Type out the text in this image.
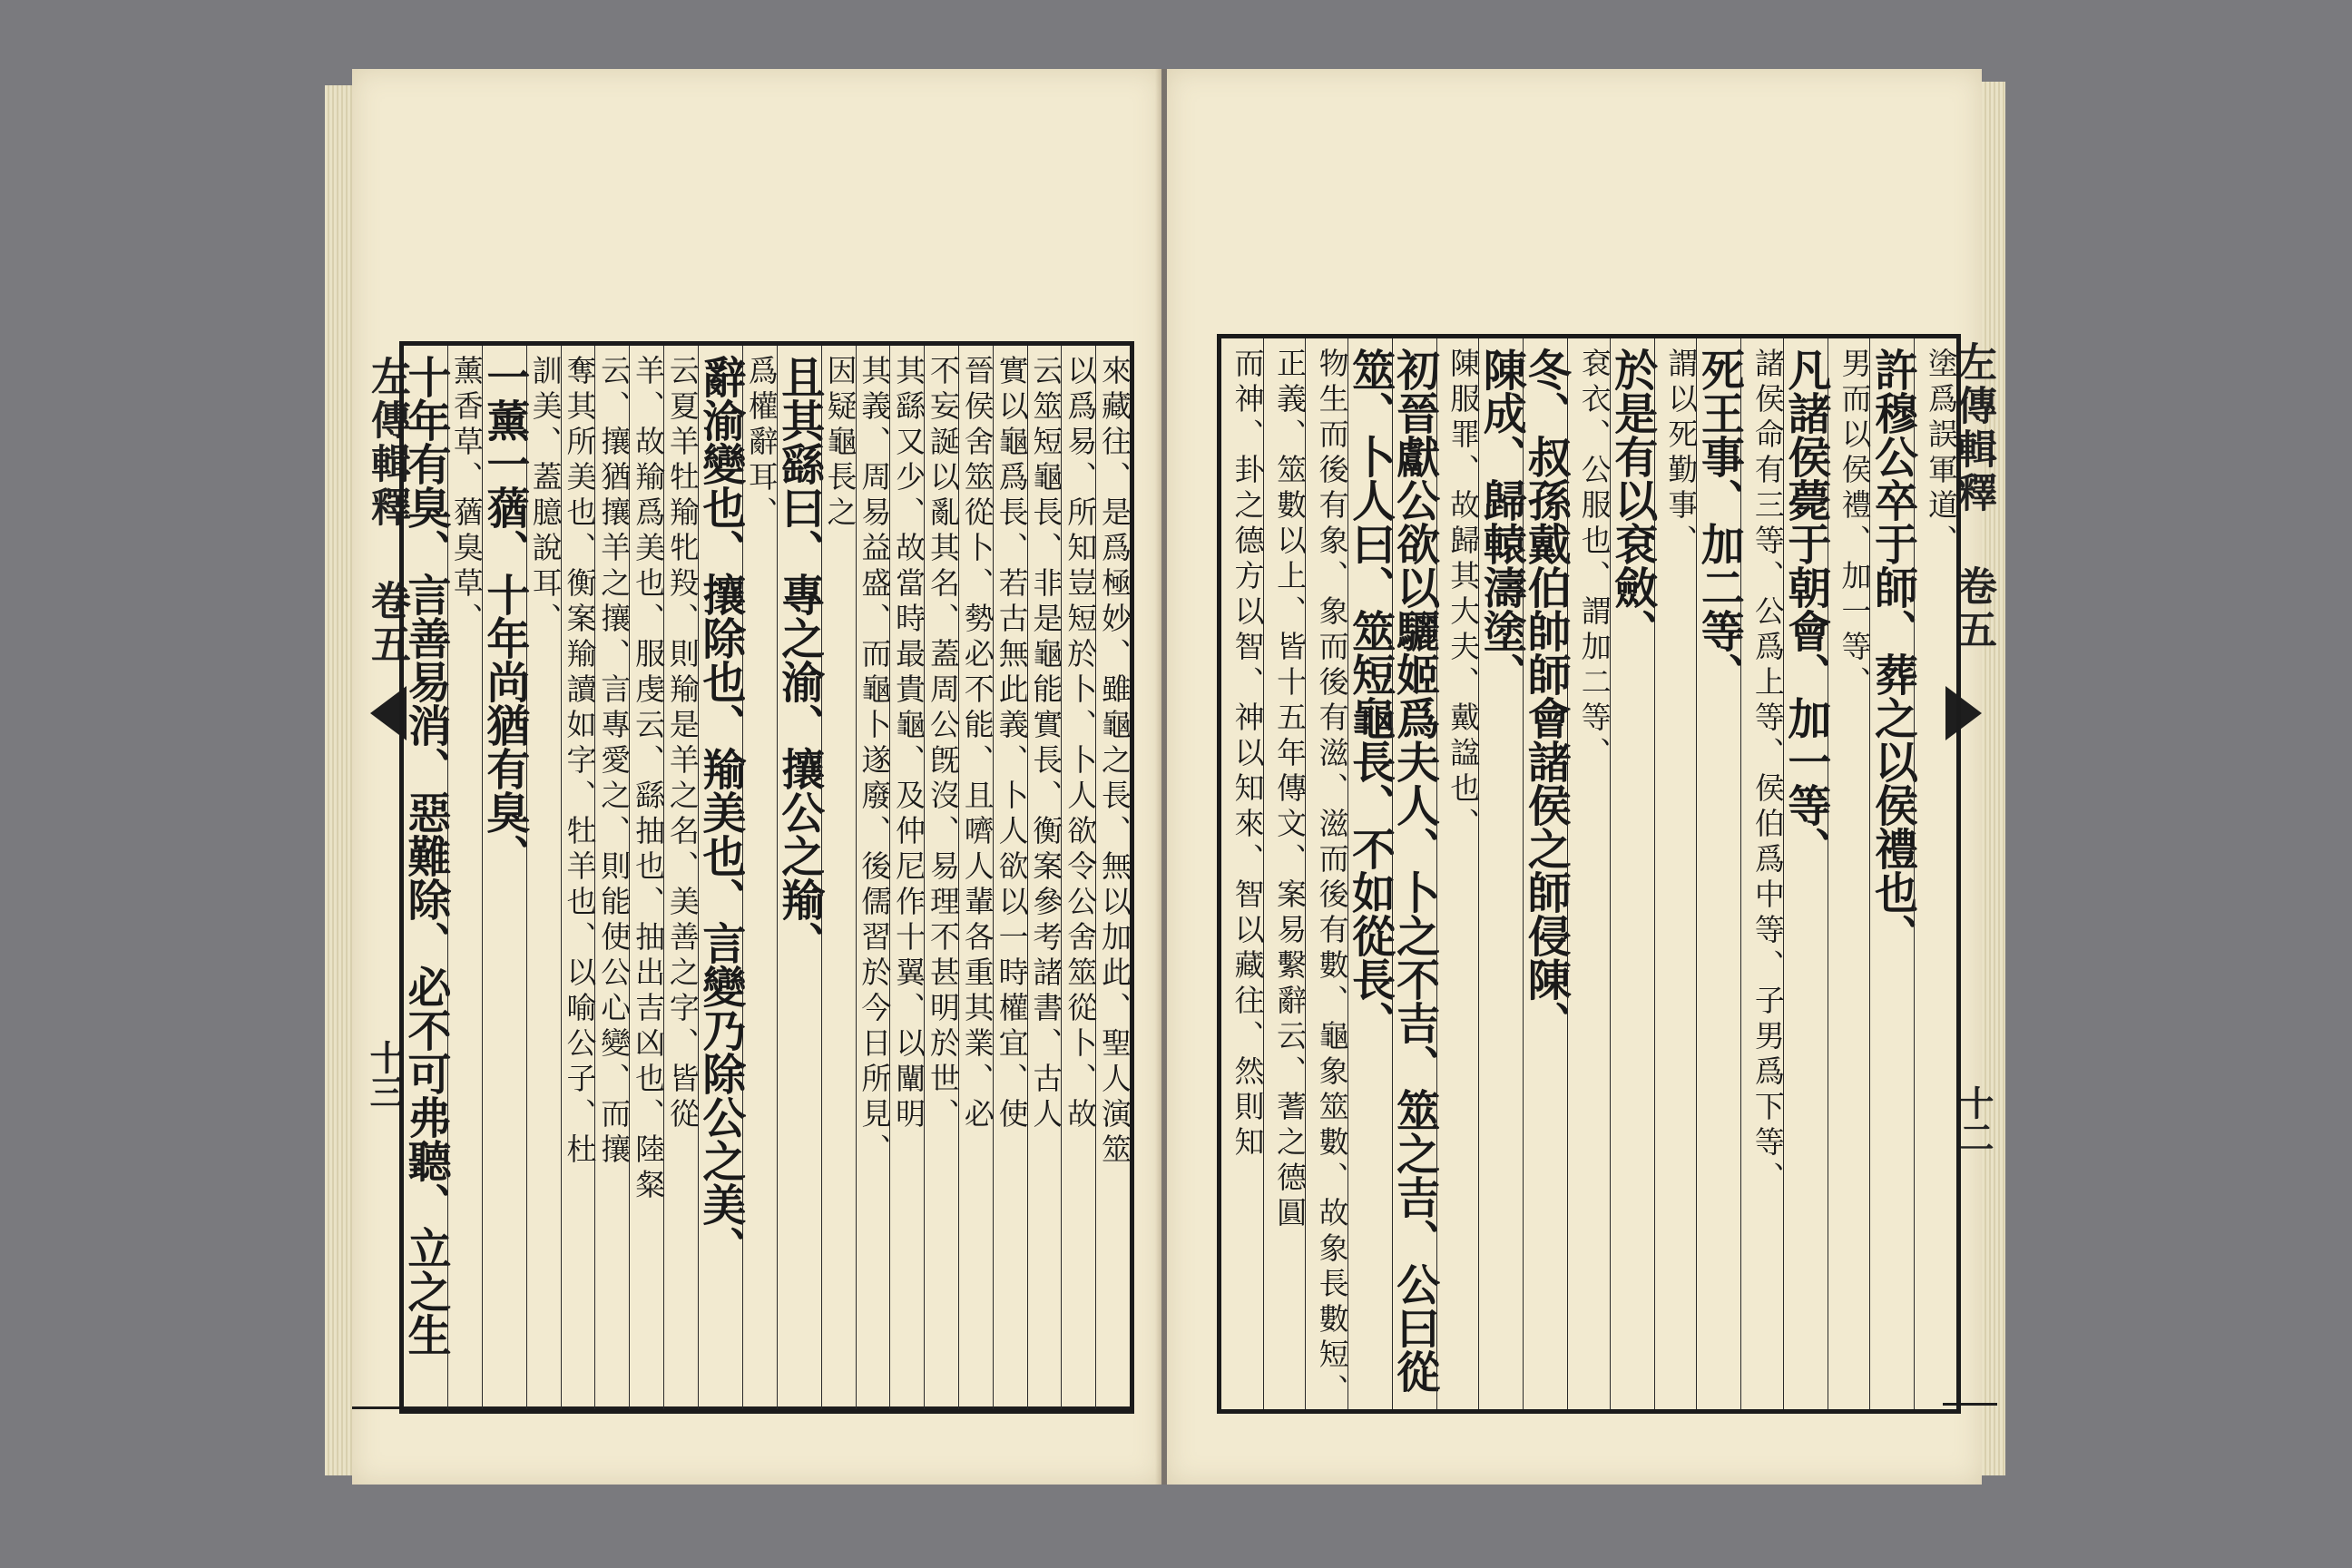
左傳輯釋 卷五
十三	來藏往、是爲極妙、雖龜之長、無以加此、聖人演筮
以爲易、所知豈短於卜、卜人欲令公舍筮從卜、故
云筮短龜長、非是龜能實長、衡案參考諸書、古人
實以龜爲長、若古無此義、卜人欲以一時權宜、使
晉侯舍筮從卜、勢必不能、且嚌人輩各重其業、必
不妄誕以亂其名、蓋周公旣沒、易理不甚明於世、
其繇又少、故當時最貴龜、及仲尼作十翼、以闡明
其義、周易益盛、而龜卜遂廢、後儒習於今日所見、
因疑龜長之
且其繇曰、專之渝、攘公之羭、
爲權辭耳、
辭渝變也、攘除也、羭美也、言變乃除公之美、
云夏羊牡羭牝羖、則羭是羊之名、美善之字、皆從
羊、故羭爲美也、服虔云、繇抽也、抽出吉凶也、陸粲
云、攘猶攘羊之攘、言專愛之、則能使公心變、而攘
奪其所美也、衡案羭讀如字、牡羊也、以喻公子、杜
訓美、蓋臆說耳、
一薰一蕕、十年尚猶有臭、
薰香草、蕕臭草、
十年有臭、言善易消、惡難除、必不可弗聽、立之生	左傳輯釋 卷五
十二
塗爲誤軍道、
許穆公卒于師、葬之以侯禮也、
男而以侯禮、加一等、
凡諸侯薨于朝會、加一等、
諸侯命有三等、公爲上等、侯伯爲中等、子男爲下等、
死王事、加二等、
謂以死勤事、
於是有以袞斂、
袞衣、公服也、謂加二等、
冬、叔孫戴伯帥師會諸侯之師侵陳、
陳成、歸轅濤塗、
陳服罪、故歸其大夫、戴諡也、
初晉獻公欲以驪姬爲夫人、卜之不吉、筮之吉、公曰從
筮、卜人曰、筮短龜長、不如從長、
物生而後有象、象而後有滋、滋而後有數、龜象筮數、故象長數短、
正義、筮數以上、皆十五年傳文、案易繫辭云、蓍之德圓
而神、卦之德方以智、神以知來、智以藏往、然則知
